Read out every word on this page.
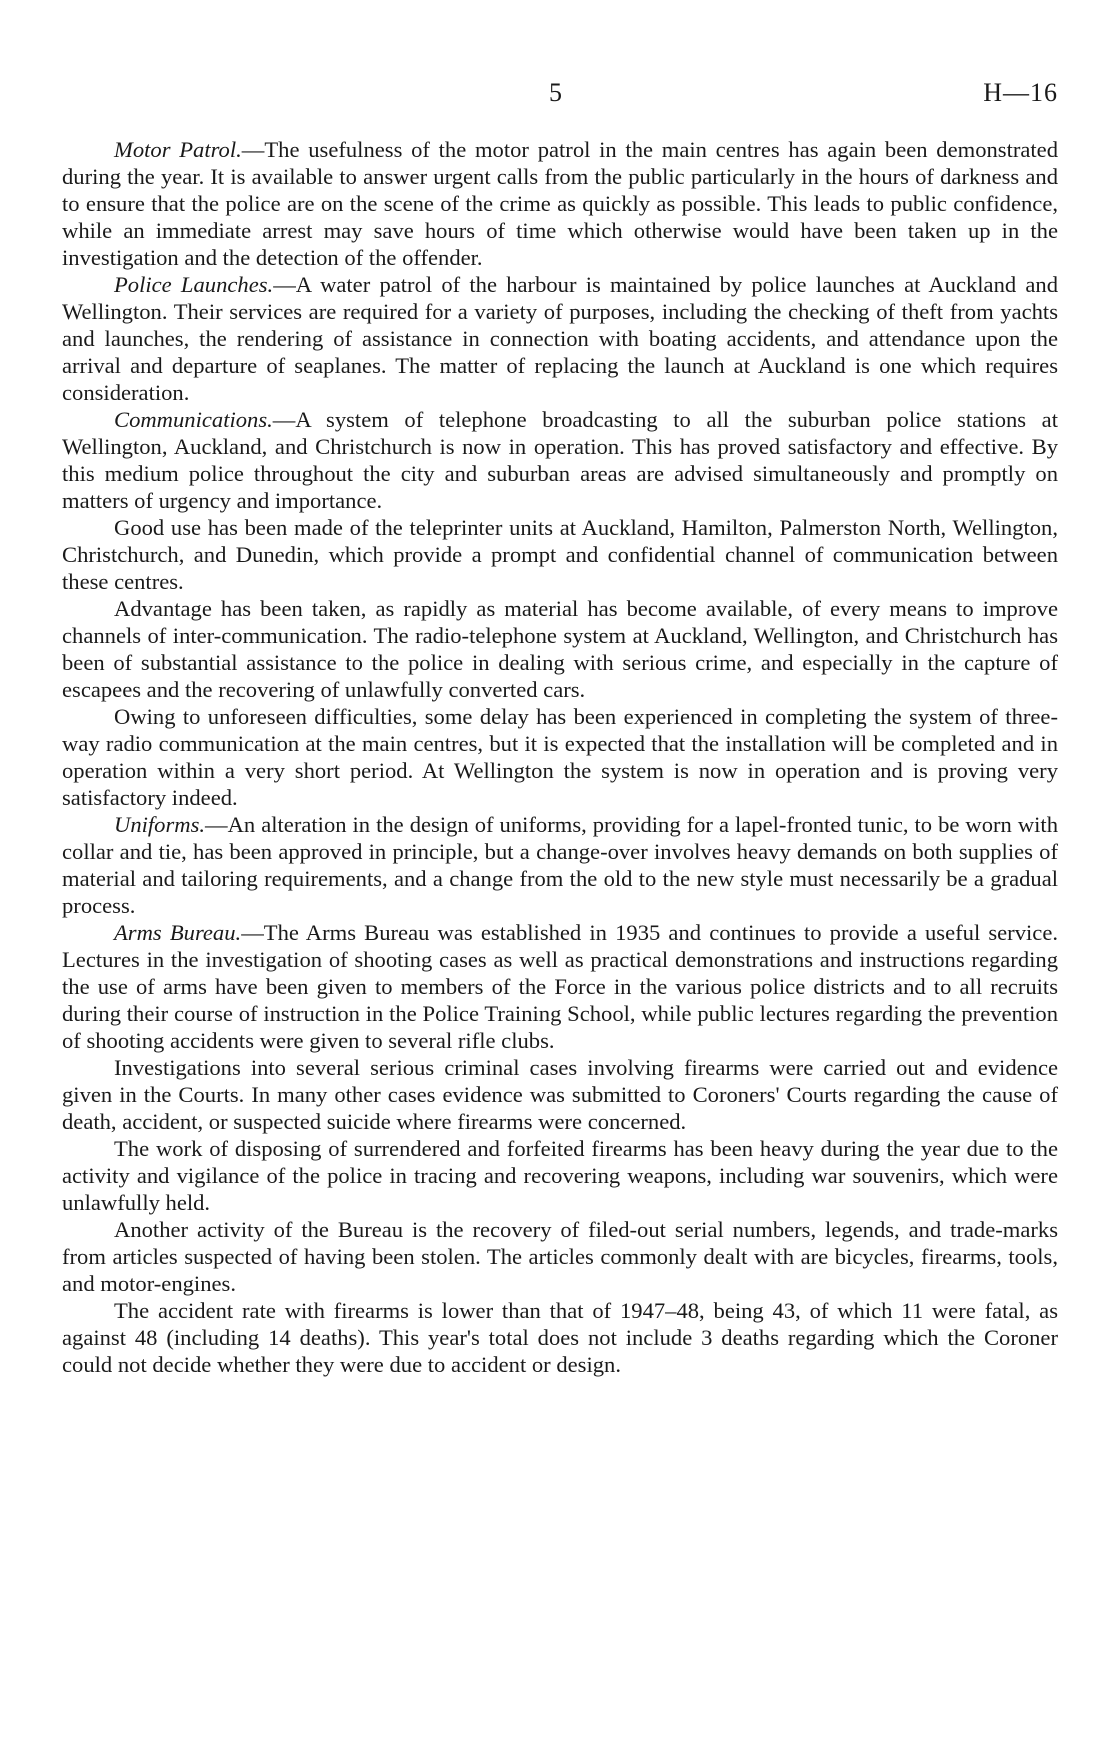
5	H—16

Motor Patrol.—The usefulness of the motor patrol in the main centres has again been demonstrated during the year. It is available to answer urgent calls from the public particularly in the hours of darkness and to ensure that the police are on the scene of the crime as quickly as possible. This leads to public confidence, while an immediate arrest may save hours of time which otherwise would have been taken up in the investigation and the detection of the offender.

Police Launches.—A water patrol of the harbour is maintained by police launches at Auckland and Wellington. Their services are required for a variety of purposes, including the checking of theft from yachts and launches, the rendering of assistance in connection with boating accidents, and attendance upon the arrival and departure of seaplanes. The matter of replacing the launch at Auckland is one which requires consideration.

Communications.—A system of telephone broadcasting to all the suburban police stations at Wellington, Auckland, and Christchurch is now in operation. This has proved satisfactory and effective. By this medium police throughout the city and suburban areas are advised simultaneously and promptly on matters of urgency and importance.

Good use has been made of the teleprinter units at Auckland, Hamilton, Palmerston North, Wellington, Christchurch, and Dunedin, which provide a prompt and confidential channel of communication between these centres.

Advantage has been taken, as rapidly as material has become available, of every means to improve channels of inter-communication. The radio-telephone system at Auckland, Wellington, and Christchurch has been of substantial assistance to the police in dealing with serious crime, and especially in the capture of escapees and the recovering of unlawfully converted cars.

Owing to unforeseen difficulties, some delay has been experienced in completing the system of three-way radio communication at the main centres, but it is expected that the installation will be completed and in operation within a very short period. At Wellington the system is now in operation and is proving very satisfactory indeed.

Uniforms.—An alteration in the design of uniforms, providing for a lapel-fronted tunic, to be worn with collar and tie, has been approved in principle, but a change-over involves heavy demands on both supplies of material and tailoring requirements, and a change from the old to the new style must necessarily be a gradual process.

Arms Bureau.—The Arms Bureau was established in 1935 and continues to provide a useful service. Lectures in the investigation of shooting cases as well as practical demonstrations and instructions regarding the use of arms have been given to members of the Force in the various police districts and to all recruits during their course of instruction in the Police Training School, while public lectures regarding the prevention of shooting accidents were given to several rifle clubs.

Investigations into several serious criminal cases involving firearms were carried out and evidence given in the Courts. In many other cases evidence was submitted to Coroners' Courts regarding the cause of death, accident, or suspected suicide where firearms were concerned.

The work of disposing of surrendered and forfeited firearms has been heavy during the year due to the activity and vigilance of the police in tracing and recovering weapons, including war souvenirs, which were unlawfully held.

Another activity of the Bureau is the recovery of filed-out serial numbers, legends, and trade-marks from articles suspected of having been stolen. The articles commonly dealt with are bicycles, firearms, tools, and motor-engines.

The accident rate with firearms is lower than that of 1947–48, being 43, of which 11 were fatal, as against 48 (including 14 deaths). This year's total does not include 3 deaths regarding which the Coroner could not decide whether they were due to accident or design.
